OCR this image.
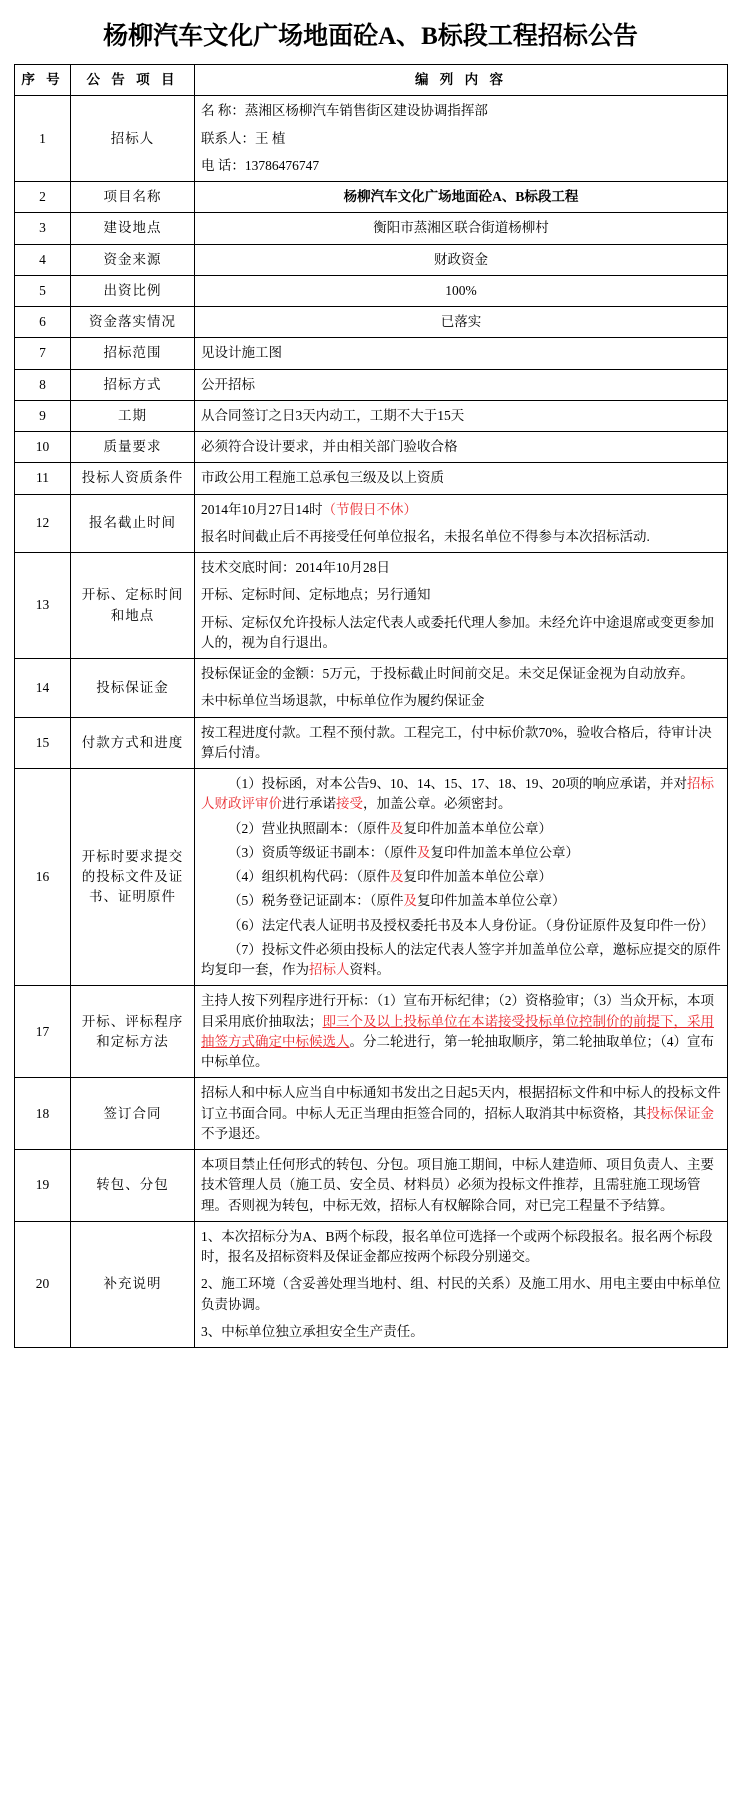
杨柳汽车文化广场地面砼A、B标段工程招标公告
序 号	公 告 项 目	编 列 内 容
1	招标人	名 称：蒸湘区杨柳汽车销售街区建设协调指挥部
联系人：王 植
电 话：13786476747

2	项目名称	杨柳汽车文化广场地面砼A、B标段工程
3	建设地点	衡阳市蒸湘区联合街道杨柳村
4	资金来源	财政资金
5	出资比例	100%
6	资金落实情况	已落实
7	招标范围	见设计施工图
8	招标方式	公开招标
9	工期	从合同签订之日3天内动工，工期不大于15天
10	质量要求	必须符合设计要求，并由相关部门验收合格
11	投标人资质条件	市政公用工程施工总承包三级及以上资质
12	报名截止时间	2014年10月27日14时（节假日不休）
报名时间截止后不再接受任何单位报名，未报名单位不得参与本次招标活动.

13	开标、定标时间和地点	技术交底时间：2014年10月28日
开标、定标时间、定标地点；另行通知
开标、定标仅允许投标人法定代表人或委托代理人参加。未经允许中途退席或变更参加人的，视为自行退出。

14	投标保证金	投标保证金的金额：5万元，于投标截止时间前交足。未交足保证金视为自动放弃。
未中标单位当场退款，中标单位作为履约保证金

15	付款方式和进度	按工程进度付款。工程不预付款。工程完工，付中标价款70%，验收合格后，待审计决算后付清。
16	开标时要求提交的投标文件及证书、证明原件	
（1）投标函，对本公告9、10、14、15、17、18、19、20项的响应承诺，并对招标人财政评审价进行承诺接受，加盖公章。必须密封。
（2）营业执照副本：（原件及复印件加盖本单位公章）
（3）资质等级证书副本：（原件及复印件加盖本单位公章）
（4）组织机构代码：（原件及复印件加盖本单位公章）
（5）税务登记证副本：（原件及复印件加盖本单位公章）
（6）法定代表人证明书及授权委托书及本人身份证。（身份证原件及复印件一份）
（7）投标文件必须由投标人的法定代表人签字并加盖单位公章，邀标应提交的原件均复印一套，作为招标人资料。

17	开标、评标程序和定标方法	主持人按下列程序进行开标：（1）宣布开标纪律；（2）资格验审；（3）当众开标，本项目采用底价抽取法；即三个及以上投标单位在本诺接受投标单位控制价的前提下，采用抽签方式确定中标候选人。分二轮进行，第一轮抽取顺序，第二轮抽取单位；（4）宣布中标单位。
18	签订合同	招标人和中标人应当自中标通知书发出之日起5天内，根据招标文件和中标人的投标文件订立书面合同。中标人无正当理由拒签合同的，招标人取消其中标资格，其投标保证金不予退还。
19	转包、分包	本项目禁止任何形式的转包、分包。项目施工期间，中标人建造师、项目负责人、主要技术管理人员（施工员、安全员、材料员）必须为投标文件推荐，且需驻施工现场管理。否则视为转包，中标无效，招标人有权解除合同，对已完工程量不予结算。
20	补充说明	1、本次招标分为A、B两个标段，报名单位可选择一个或两个标段报名。报名两个标段时，报名及招标资料及保证金都应按两个标段分别递交。
2、施工环境（含妥善处理当地村、组、村民的关系）及施工用水、用电主要由中标单位负责协调。
3、中标单位独立承担安全生产责任。
